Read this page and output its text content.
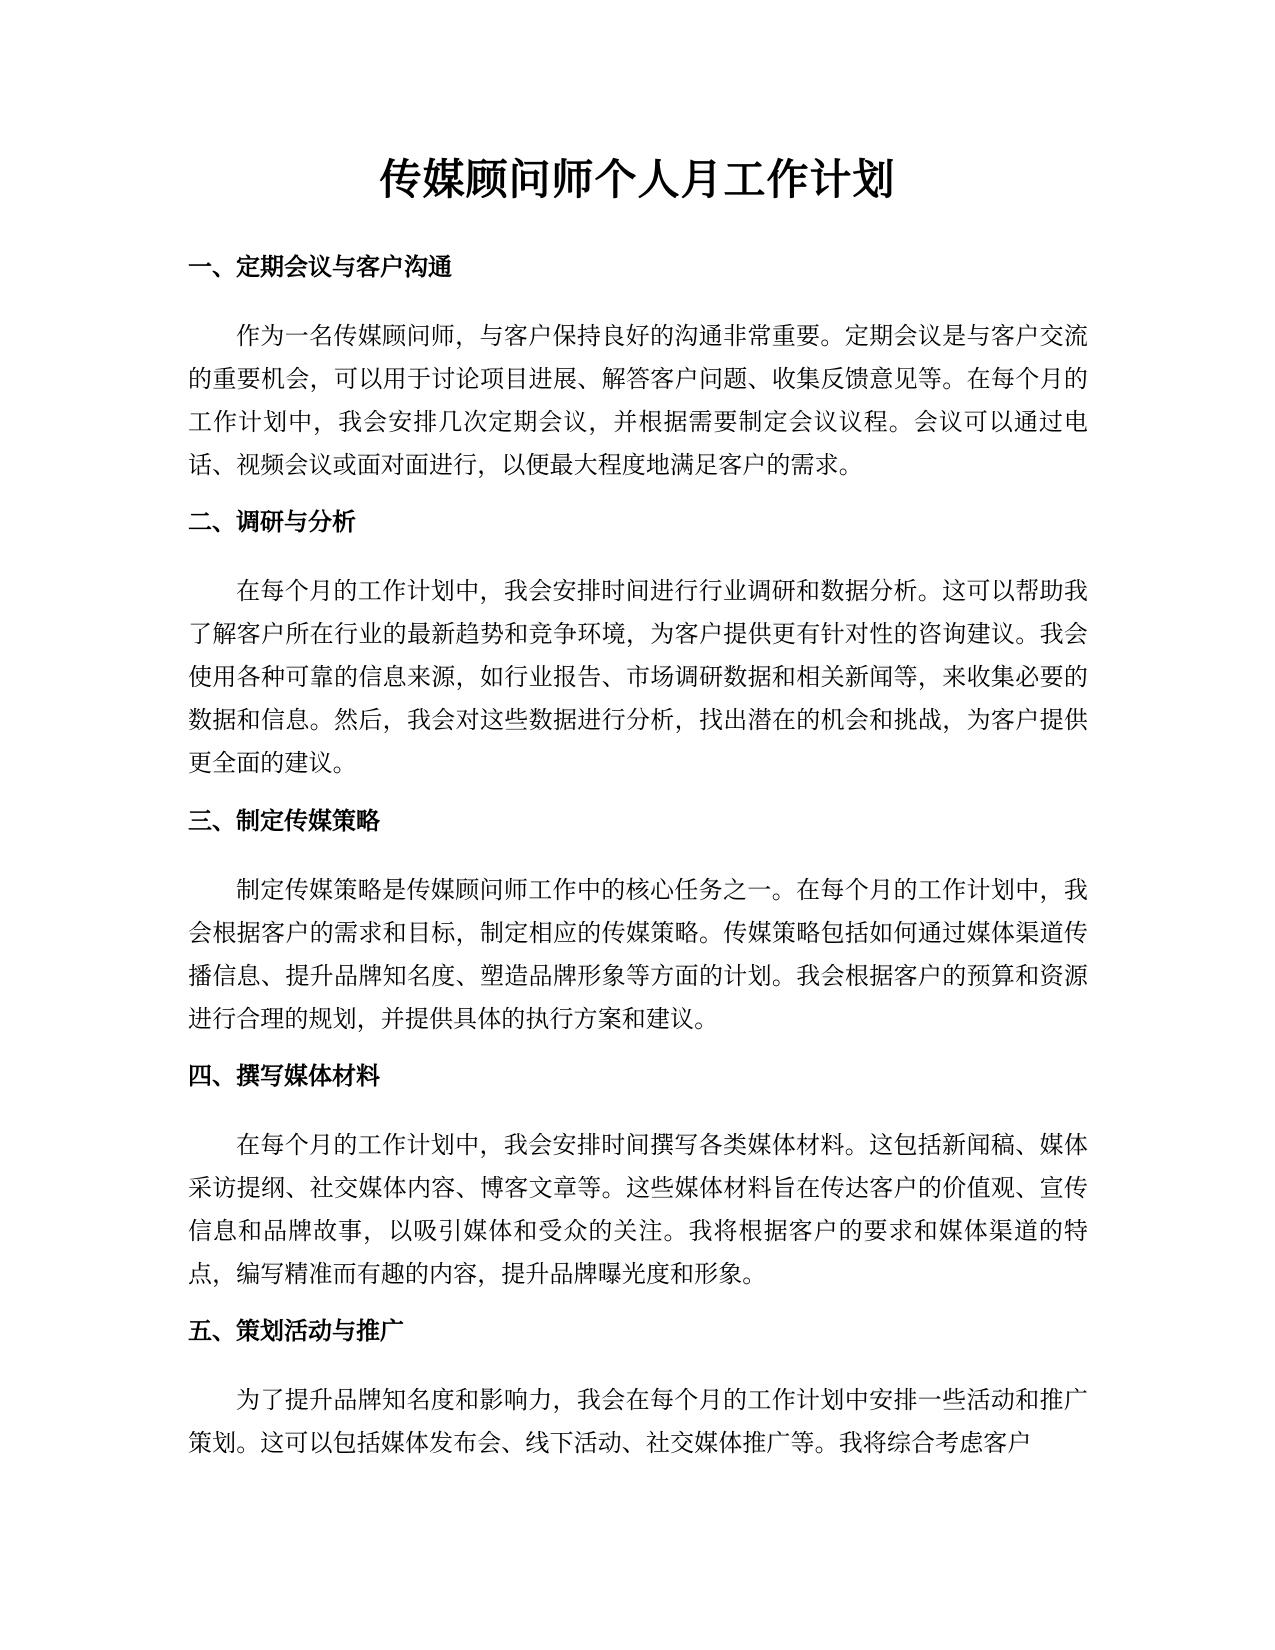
传媒顾问师个人月工作计划
一、定期会议与客户沟通

作为一名传媒顾问师，与客户保持良好的沟通非常重要。定期会议是与客户交流的重要机会，可以用于讨论项目进展、解答客户问题、收集反馈意见等。在每个月的工作计划中，我会安排几次定期会议，并根据需要制定会议议程。会议可以通过电话、视频会议或面对面进行，以便最大程度地满足客户的需求。

二、调研与分析

在每个月的工作计划中，我会安排时间进行行业调研和数据分析。这可以帮助我了解客户所在行业的最新趋势和竞争环境，为客户提供更有针对性的咨询建议。我会使用各种可靠的信息来源，如行业报告、市场调研数据和相关新闻等，来收集必要的数据和信息。然后，我会对这些数据进行分析，找出潜在的机会和挑战，为客户提供更全面的建议。

三、制定传媒策略

制定传媒策略是传媒顾问师工作中的核心任务之一。在每个月的工作计划中，我会根据客户的需求和目标，制定相应的传媒策略。传媒策略包括如何通过媒体渠道传播信息、提升品牌知名度、塑造品牌形象等方面的计划。我会根据客户的预算和资源进行合理的规划，并提供具体的执行方案和建议。

四、撰写媒体材料

在每个月的工作计划中，我会安排时间撰写各类媒体材料。这包括新闻稿、媒体采访提纲、社交媒体内容、博客文章等。这些媒体材料旨在传达客户的价值观、宣传信息和品牌故事，以吸引媒体和受众的关注。我将根据客户的要求和媒体渠道的特点，编写精准而有趣的内容，提升品牌曝光度和形象。

五、策划活动与推广

为了提升品牌知名度和影响力，我会在每个月的工作计划中安排一些活动和推广策划。这可以包括媒体发布会、线下活动、社交媒体推广等。我将综合考虑客户
